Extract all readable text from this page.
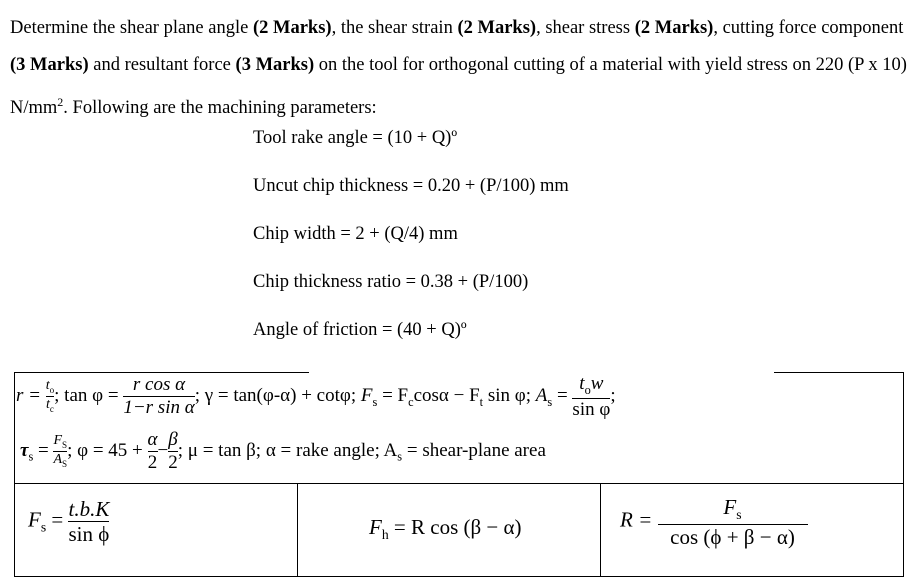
Determine the shear plane angle (2 Marks), the shear strain (2 Marks), shear stress (2 Marks), cutting force component (3 Marks) and resultant force (3 Marks) on the tool for orthogonal cutting of a material with yield stress on 220 (P x 10) $N/mm^2$. Following are the machining parameters:

Tool rake angle = (10 + Q)º
Uncut chip thickness = 0.20 + (P/100) mm
Chip width = 2 + (Q/4) mm
Chip thickness ratio = 0.38 + (P/100)
Angle of friction = (40 + Q)º
$r = \frac{t_o}{t_c}$ ; $\tan \varphi = \frac{\text{r cos α}}{\text{1−r sin α}}$ ; γ = tan(φ-α) + cotφ; $F_s = F_c\cos\alpha - F_t$ sin φ; $A_s = \frac{t_ow}{\text{sin φ}}$ ;
$\tau_s = \frac{F_S}{A_S}$ ; $\varphi = 45 + \frac{\alpha}{2} - \frac{\beta}{2}$ ; μ = tan β; α = rake angle; $A_s$ = shear-plane area
$F_s = \frac{t.b.K}{\text{sin ϕ}}$	$F_h = R$ cos (β − α)	$R = \frac{F_s}{\cos (\phi + \beta - \alpha)}$
